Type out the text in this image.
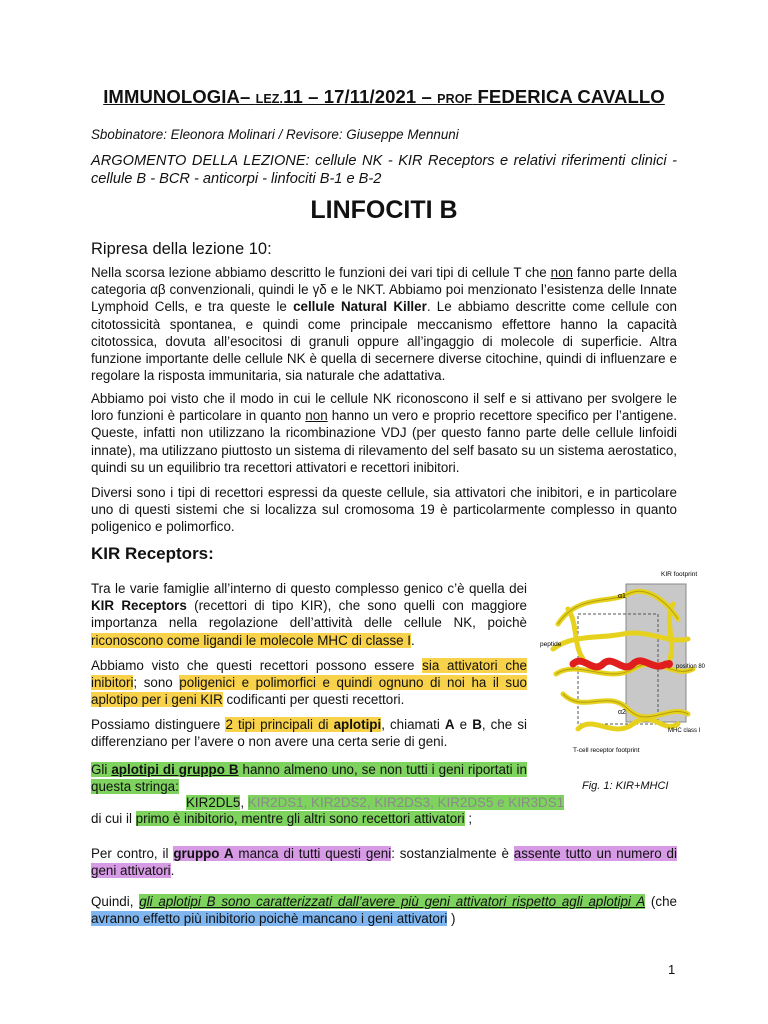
IMMUNOLOGIA– LEZ.11 – 17/11/2021 – PROF FEDERICA CAVALLO
Sbobinatore: Eleonora Molinari / Revisore: Giuseppe Mennuni
ARGOMENTO DELLA LEZIONE: cellule NK - KIR Receptors e relativi riferimenti clinici - cellule B - BCR - anticorpi - linfociti B-1 e B-2
LINFOCITI B
Ripresa della lezione 10:
Nella scorsa lezione abbiamo descritto le funzioni dei vari tipi di cellule T che non fanno parte della categoria αβ convenzionali, quindi le γδ e le NKT. Abbiamo poi menzionato l’esistenza delle Innate Lymphoid Cells, e tra queste le cellule Natural Killer. Le abbiamo descritte come cellule con citotossicità spontanea, e quindi come principale meccanismo effettore hanno la capacità citotossica, dovuta all’esocitosi di granuli oppure all’ingaggio di molecole di superficie. Altra funzione importante delle cellule NK è quella di secernere diverse citochine, quindi di influenzare e regolare la risposta immunitaria, sia naturale che adattativa.
Abbiamo poi visto che il modo in cui le cellule NK riconoscono il self e si attivano per svolgere le loro funzioni è particolare in quanto non hanno un vero e proprio recettore specifico per l’antigene. Queste, infatti non utilizzano la ricombinazione VDJ (per questo fanno parte delle cellule linfoidi innate), ma utilizzano piuttosto un sistema di rilevamento del self basato su un sistema aerostatico, quindi su un equilibrio tra recettori attivatori e recettori inibitori.
Diversi sono i tipi di recettori espressi da queste cellule, sia attivatori che inibitori, e in particolare uno di questi sistemi che si localizza sul cromosoma 19 è particolarmente complesso in quanto poligenico e polimorfico.
KIR Receptors:
Tra le varie famiglie all’interno di questo complesso genico c’è quella dei KIR Receptors (recettori di tipo KIR), che sono quelli con maggiore importanza nella regolazione dell’attività delle cellule NK, poichè riconoscono come ligandi le molecole MHC di classe I.
Abbiamo visto che questi recettori possono essere sia attivatori che inibitori; sono poligenici e polimorfici e quindi ognuno di noi ha il suo aplotipo per i geni KIR codificanti per questi recettori.
Possiamo distinguere 2 tipi principali di aplotipi, chiamati A e B, che si differenziano per l’avere o non avere una certa serie di geni.
Gli aplotipi di gruppo B hanno almeno uno, se non tutti i geni riportati in questa stringa:
KIR2DL5, KIR2DS1, KIR2DS2, KIR2DS3, KIR2DS5 e KIR3DS1
di cui il primo è inibitorio, mentre gli altri sono recettori attivatori ;
Per contro, il gruppo A manca di tutti questi geni: sostanzialmente è assente tutto un numero di geni attivatori.
Quindi, gli aplotipi B sono caratterizzati dall’avere più geni attivatori rispetto agli aplotipi A (che avranno effetto più inibitorio poichè mancano i geni attivatori )
KIR footprint
α1
α2
peptide
position 80
MHC class I
T-cell receptor footprint
Fig. 1: KIR+MHCI
1
